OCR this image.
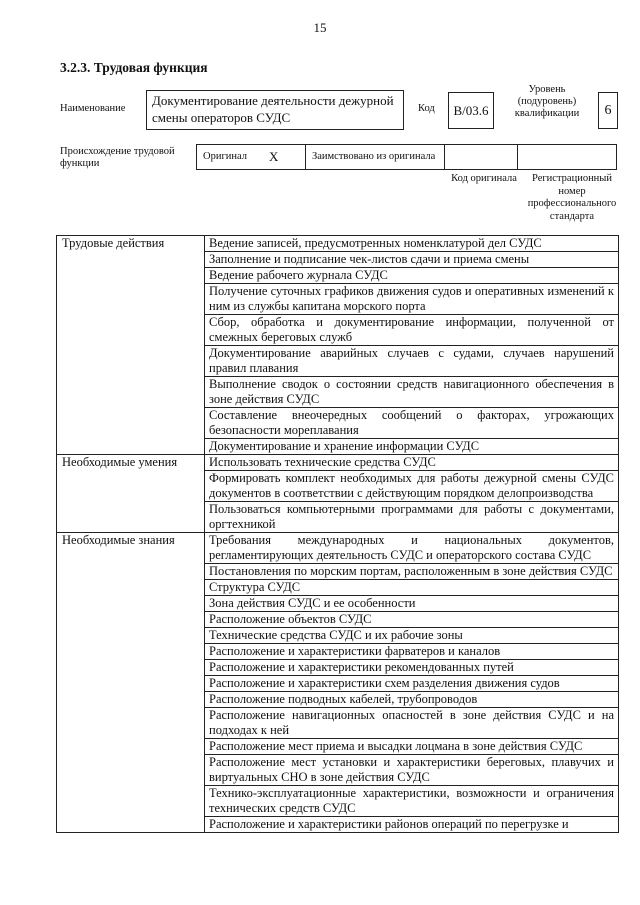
15
3.2.3. Трудовая функция
Наименование
Документирование деятельности дежурной смены операторов СУДС
Код	B/03.6
Уровень (подуровень) квалификации	6
Происхождение трудовой функции
Оригинал X	Заимствовано из оригинала
Код оригинала	Регистрационный номер профессионального стандарта
Трудовые действия	Ведение записей, предусмотренных номенклатурой дел СУДС
	Заполнение и подписание чек-листов сдачи и приема смены
	Ведение рабочего журнала СУДС
	Получение суточных графиков движения судов и оперативных изменений к ним из службы капитана морского порта
	Сбор, обработка и документирование информации, полученной от смежных береговых служб
	Документирование аварийных случаев с судами, случаев нарушений правил плавания
	Выполнение сводок о состоянии средств навигационного обеспечения в зоне действия СУДС
	Составление внеочередных сообщений о факторах, угрожающих безопасности мореплавания
	Документирование и хранение информации СУДС
Необходимые умения	Использовать технические средства СУДС
	Формировать комплект необходимых для работы дежурной смены СУДС документов в соответствии с действующим порядком делопроизводства
	Пользоваться компьютерными программами для работы с документами, оргтехникой
Необходимые знания	Требования международных и национальных документов, регламентирующих деятельность СУДС и операторского состава СУДС
	Постановления по морским портам, расположенным в зоне действия СУДС
	Структура СУДС
	Зона действия СУДС и ее особенности
	Расположение объектов СУДС
	Технические средства СУДС и их рабочие зоны
	Расположение и характеристики фарватеров и каналов
	Расположение и характеристики рекомендованных путей
	Расположение и характеристики схем разделения движения судов
	Расположение подводных кабелей, трубопроводов
	Расположение навигационных опасностей в зоне действия СУДС и на подходах к ней
	Расположение мест приема и высадки лоцмана в зоне действия СУДС
	Расположение мест установки и характеристики береговых, плавучих и виртуальных СНО в зоне действия СУДС
	Технико-эксплуатационные характеристики, возможности и ограничения технических средств СУДС
	Расположение и характеристики районов операций по перегрузке и
